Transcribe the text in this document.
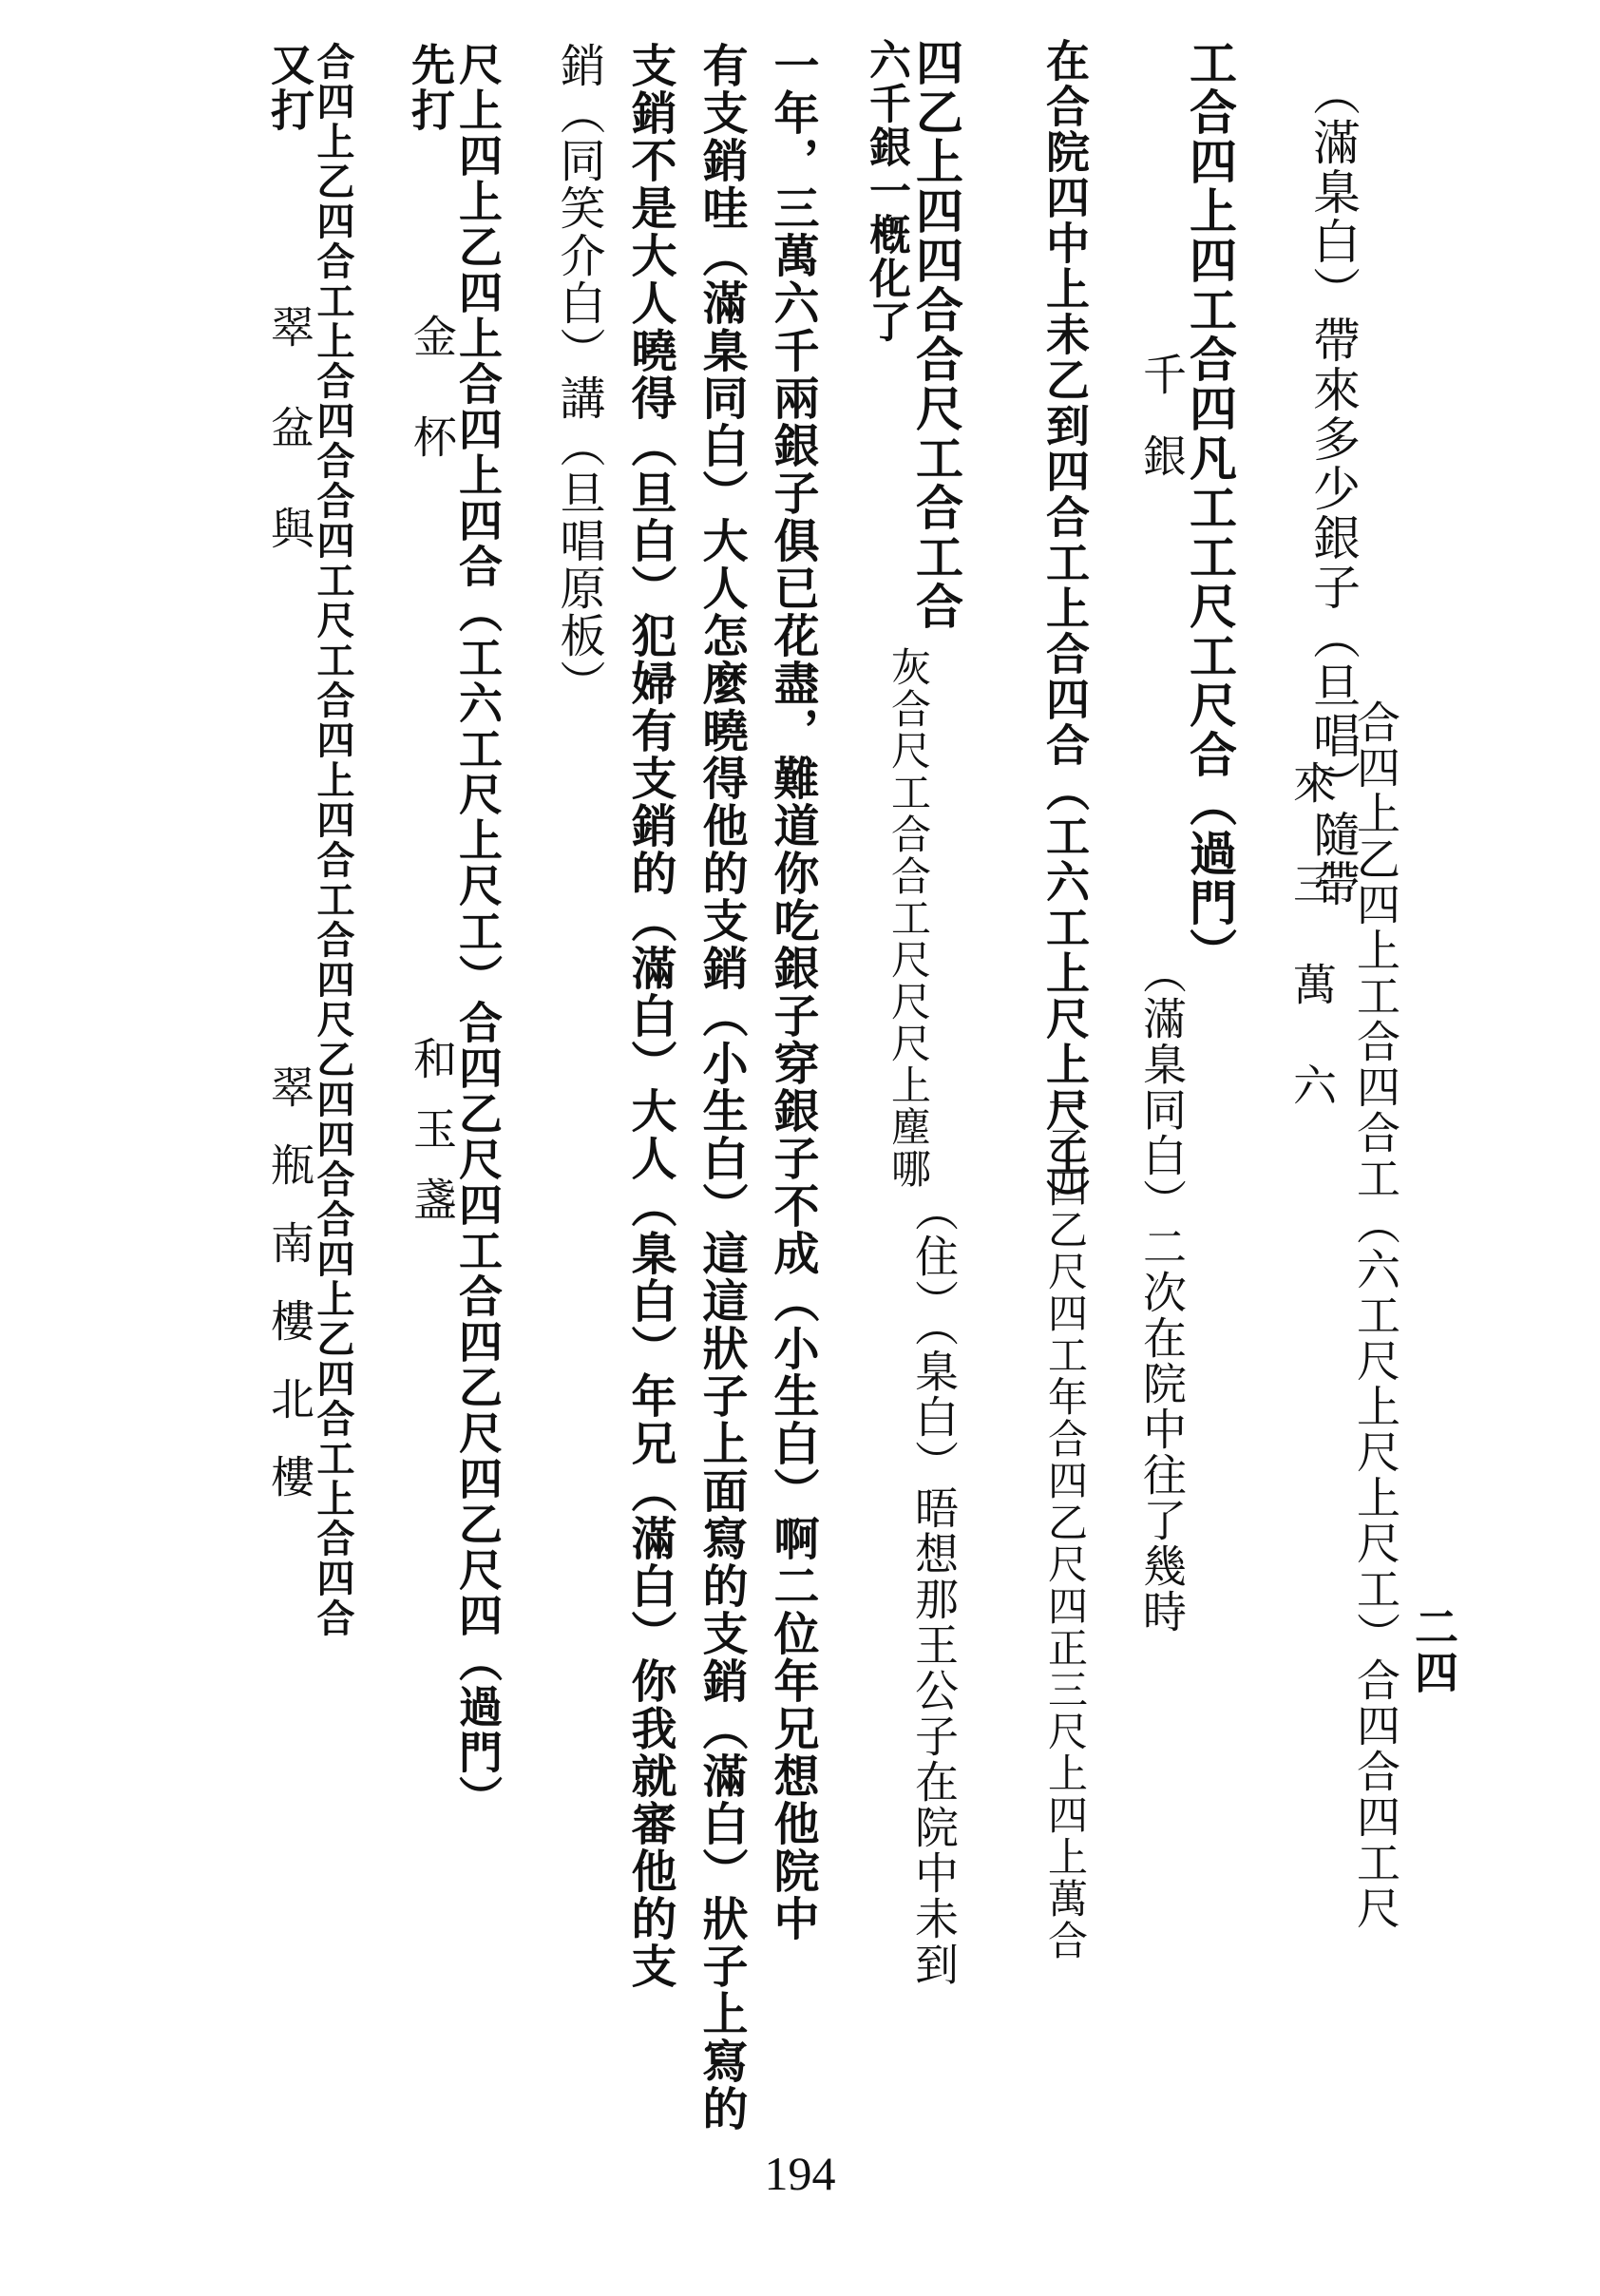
二四
（滿臬白）帶來多少銀子（旦唱）隨帶
合四上乙四上工合四合工（六工尺上尺上尺工）合四合四工尺
來三萬六
工合四上四工合四凡工工尺工尺合（過門）
千銀
（滿臬同白）二次在院中往了幾時
在合院四中上未乙到四合工上合四合（工六工上尺上尺工）
一乙四乙尺四工年合四乙尺四正三尺上四上萬合
四乙上四四合合尺工合工合
六千銀一槪化了
灰合尺工合合工尺尺尺上塵哪
（住）（臬白）晤想那王公子在院中未到
一年，三萬六千兩銀子俱已花盡，難道你吃銀子穿銀子不成（小生白）啊二位年兄想他院中
有支銷哇（滿臬同白）大人怎麼曉得他的支銷（小生白）這這狀子上面寫的支銷（滿白）狀子上寫的
支銷不是大人曉得（旦白）犯婦有支銷的（滿白）大人（臬白）年兄（滿白）你我就審他的支
銷（同笑介白）講（旦唱原板）
尺上四上乙四上合四上四合（工六工尺上尺工）合四乙尺四工合四乙尺四乙尺四（過門）
先打
金杯
和玉盞
合四上乙四合工上合四合合四工尺工合四上四合工合四尺乙四四合合四上乙四合工上合四合
又打
翠盆與
翠瓶南樓北樓
194
